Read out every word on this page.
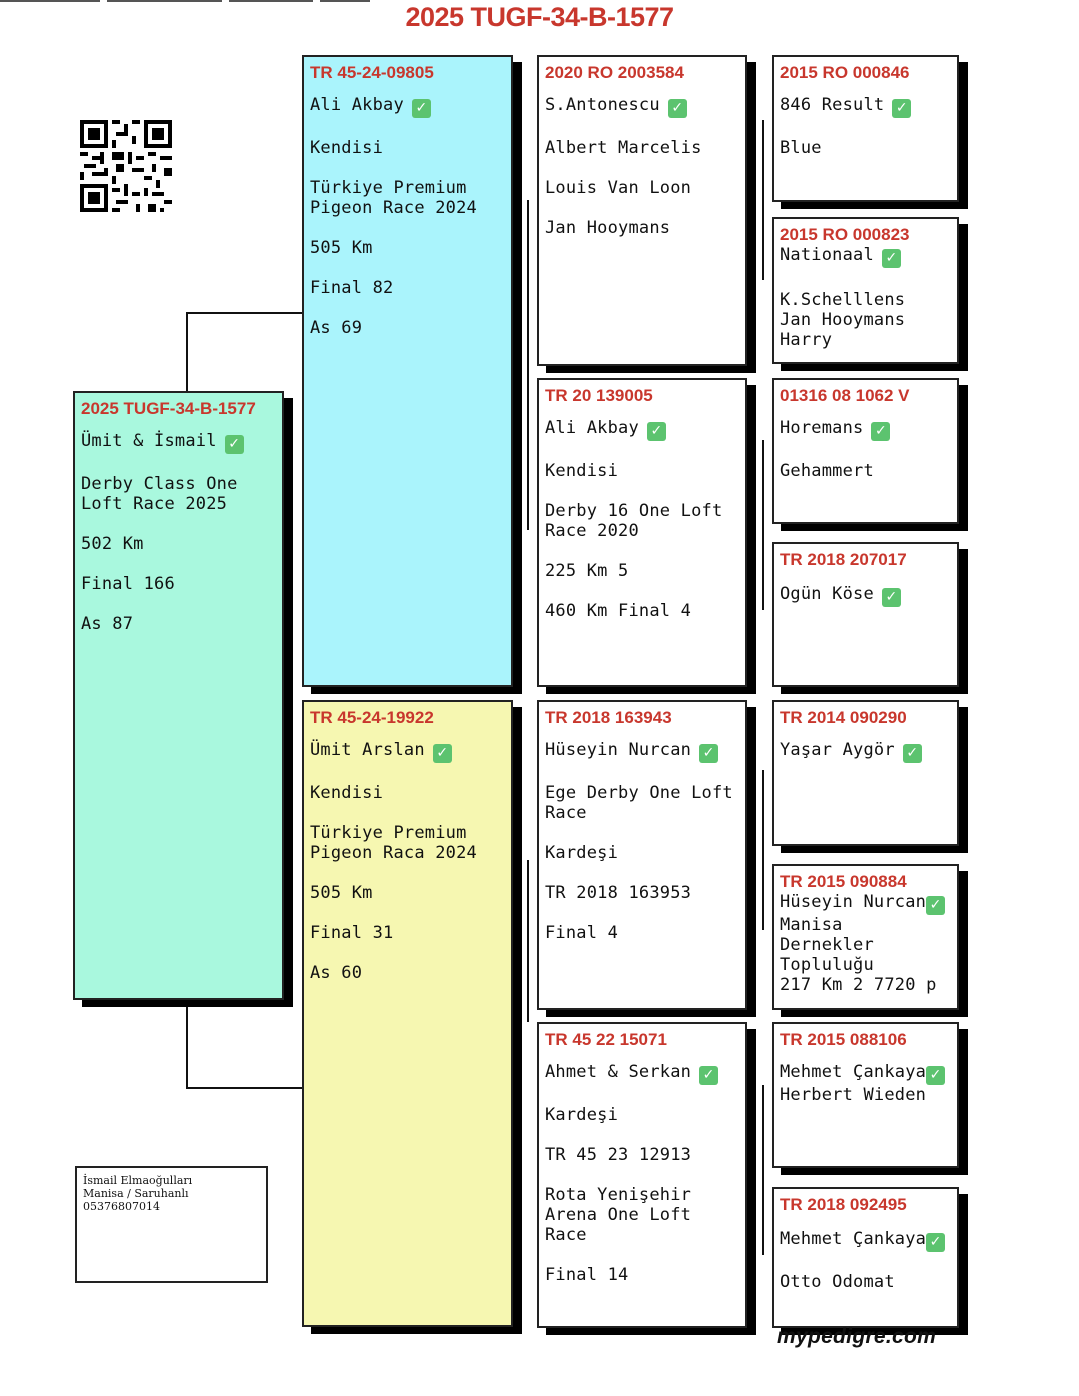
2025 TUGF-34-B-1577
2025 TUGF-34-B-1577
Ümit & İsmail ✓
Derby Class One
Loft Race 2025
502 Km
Final 166
As 87
TR 45-24-09805
Ali Akbay ✓
Kendisi
Türkiye Premium
Pigeon Race 2024
505 Km
Final 82
As 69
TR 45-24-19922
Ümit Arslan ✓
Kendisi
Türkiye Premium
Pigeon Raca 2024
505 Km
Final 31
As 60
2020 RO 2003584
S.Antonescu ✓
Albert Marcelis
Louis Van Loon
Jan Hooymans
TR 20 139005
Ali Akbay ✓
Kendisi
Derby 16 One Loft
Race 2020
225 Km 5
460 Km Final 4
TR 2018 163943
Hüseyin Nurcan ✓
Ege Derby One Loft
Race
Kardeşi
TR 2018 163953
Final 4
TR 45 22 15071
Ahmet & Serkan ✓
Kardeşi
TR 45 23 12913
Rota Yenişehir
Arena One Loft
Race
Final 14
2015 RO 000846
846 Result ✓
Blue
2015 RO 000823
Nationaal ✓
K.Schelllens
Jan Hooymans
Harry
01316 08 1062 V
Horemans ✓
Gehammert
TR 2018 207017
Ogün Köse ✓
TR 2014 090290
Yaşar Aygör ✓
TR 2015 090884
Hüseyin Nurcan ✓
Manisa
Dernekler
Topluluğu
217 Km 2 7720 p
TR 2015 088106
Mehmet Çankaya ✓
Herbert Wieden
TR 2018 092495
Mehmet Çankaya ✓
Otto Odomat
İsmail Elmaoğulları
Manisa / Saruhanlı
05376807014
mypedigre.com
